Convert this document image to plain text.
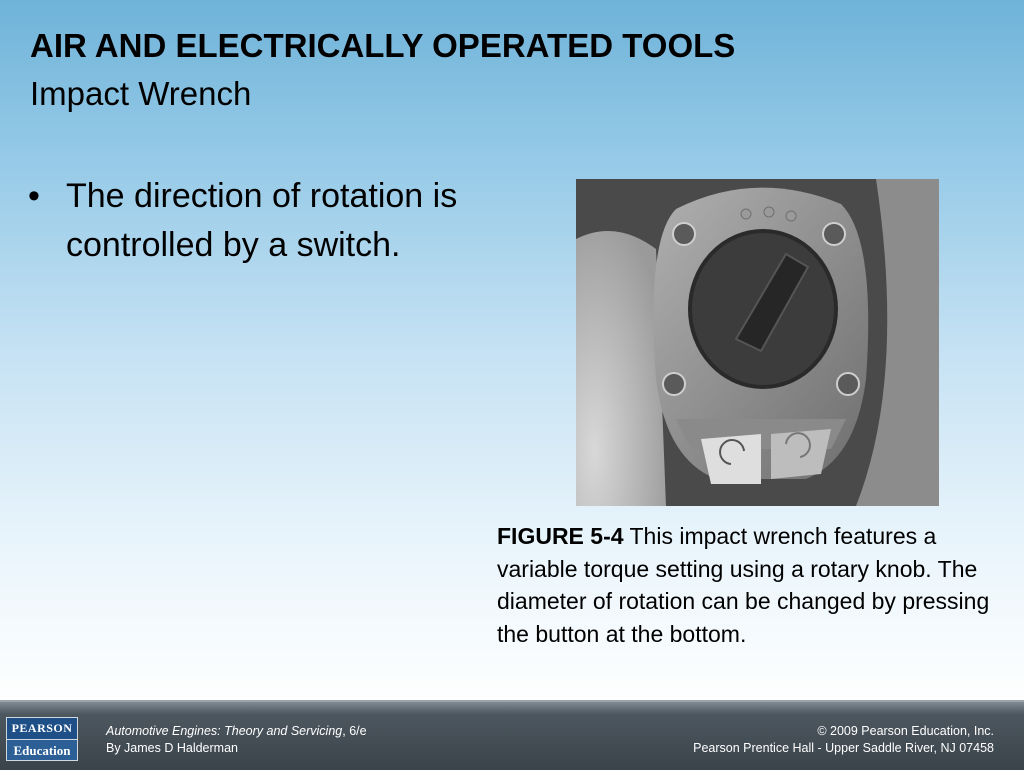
AIR AND ELECTRICALLY OPERATED TOOLS
Impact Wrench
• The direction of rotation is controlled by a switch.
FIGURE 5-4 This impact wrench features a variable torque setting using a rotary knob. The diameter of rotation can be changed by pressing the button at the bottom.
PEARSON
Education
Automotive Engines: Theory and Servicing, 6/e
By James D Halderman
© 2009 Pearson Education, Inc.
Pearson Prentice Hall - Upper Saddle River, NJ 07458
